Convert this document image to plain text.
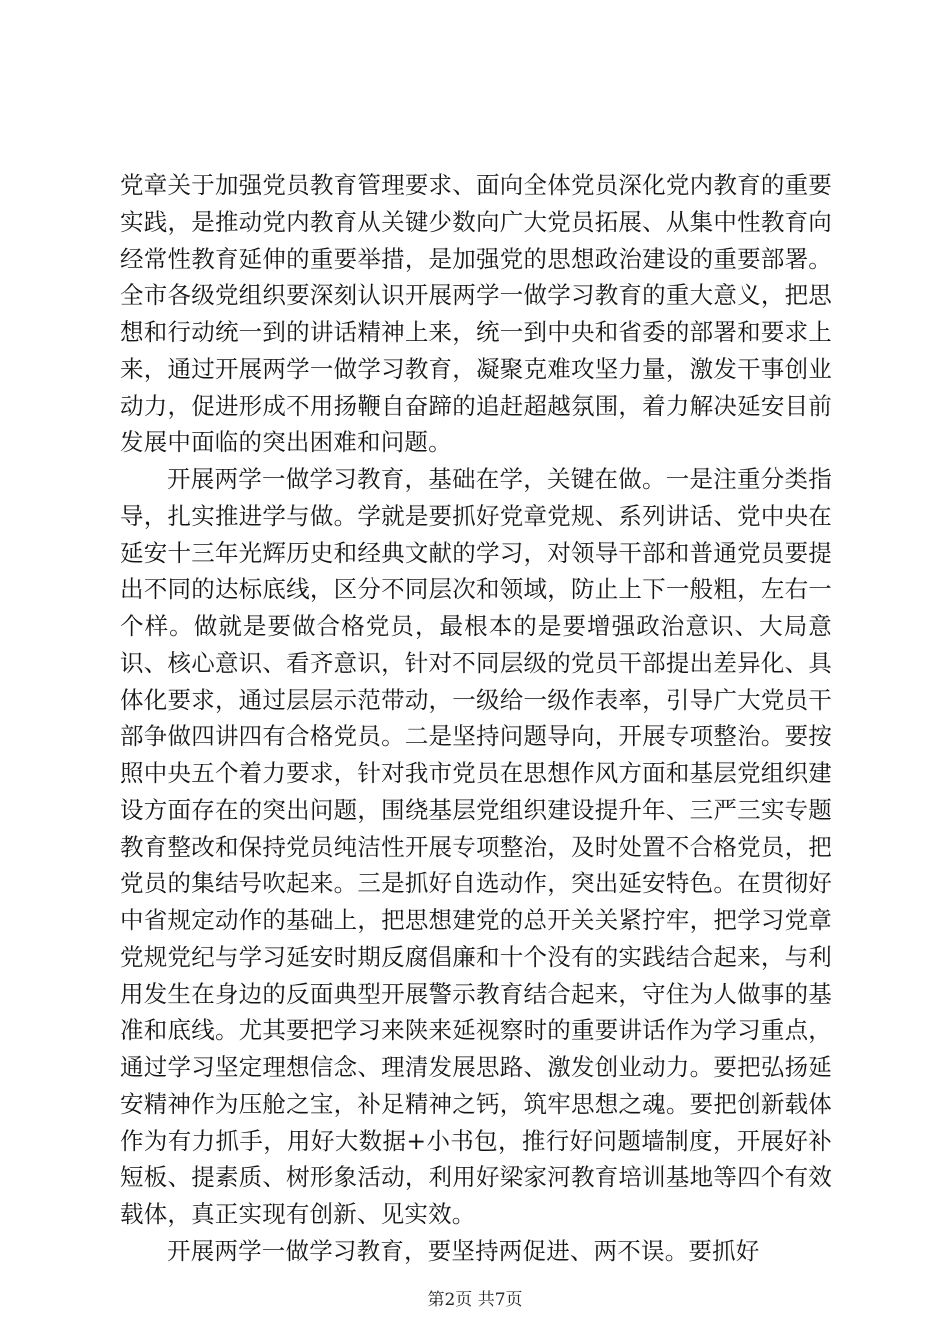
党章关于加强党员教育管理要求、面向全体党员深化党内教育的重要实践，是推动党内教育从关键少数向广大党员拓展、从集中性教育向经常性教育延伸的重要举措，是加强党的思想政治建设的重要部署。全市各级党组织要深刻认识开展两学一做学习教育的重大意义，把思想和行动统一到的讲话精神上来，统一到中央和省委的部署和要求上来，通过开展两学一做学习教育，凝聚克难攻坚力量，激发干事创业动力，促进形成不用扬鞭自奋蹄的追赶超越氛围，着力解决延安目前发展中面临的突出困难和问题。

开展两学一做学习教育，基础在学，关键在做。一是注重分类指导，扎实推进学与做。学就是要抓好党章党规、系列讲话、党中央在延安十三年光辉历史和经典文献的学习，对领导干部和普通党员要提出不同的达标底线，区分不同层次和领域，防止上下一般粗，左右一个样。做就是要做合格党员，最根本的是要增强政治意识、大局意识、核心意识、看齐意识，针对不同层级的党员干部提出差异化、具体化要求，通过层层示范带动，一级给一级作表率，引导广大党员干部争做四讲四有合格党员。二是坚持问题导向，开展专项整治。要按照中央五个着力要求，针对我市党员在思想作风方面和基层党组织建设方面存在的突出问题，围绕基层党组织建设提升年、三严三实专题教育整改和保持党员纯洁性开展专项整治，及时处置不合格党员，把党员的集结号吹起来。三是抓好自选动作，突出延安特色。在贯彻好中省规定动作的基础上，把思想建党的总开关关紧拧牢，把学习党章党规党纪与学习延安时期反腐倡廉和十个没有的实践结合起来，与利用发生在身边的反面典型开展警示教育结合起来，守住为人做事的基准和底线。尤其要把学习来陕来延视察时的重要讲话作为学习重点，通过学习坚定理想信念、理清发展思路、激发创业动力。要把弘扬延安精神作为压舱之宝，补足精神之钙，筑牢思想之魂。要把创新载体作为有力抓手，用好大数据+小书包，推行好问题墙制度，开展好补短板、提素质、树形象活动，利用好梁家河教育培训基地等四个有效载体，真正实现有创新、见实效。

开展两学一做学习教育，要坚持两促进、两不误。要抓好

第2页 共7页
